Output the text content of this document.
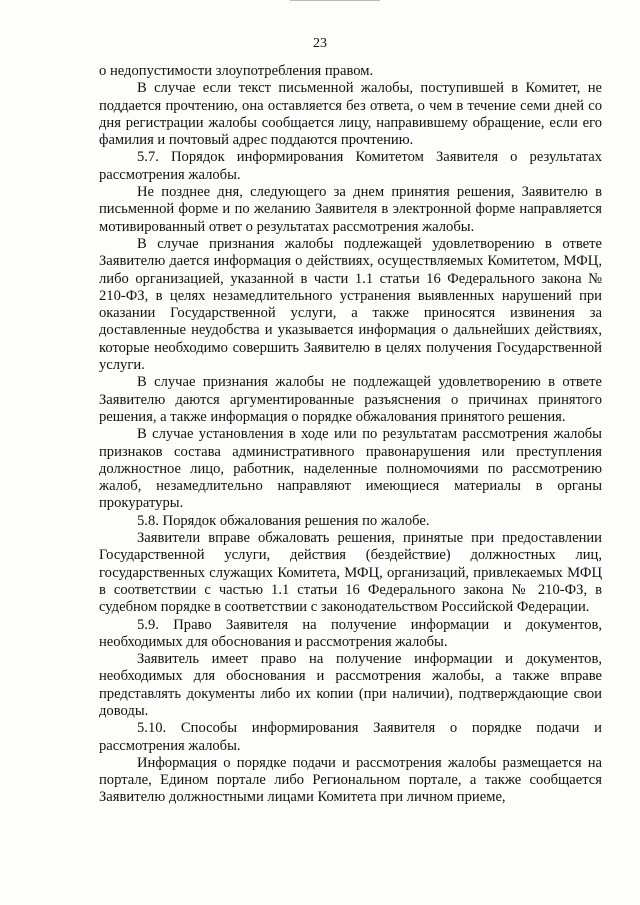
23

о недопустимости злоупотребления правом.

В случае если текст письменной жалобы, поступившей в Комитет, не поддается прочтению, она оставляется без ответа, о чем в течение семи дней со дня регистрации жалобы сообщается лицу, направившему обращение, если его фамилия и почтовый адрес поддаются прочтению.

5.7. Порядок информирования Комитетом Заявителя о результатах рассмотрения жалобы.

Не позднее дня, следующего за днем принятия решения, Заявителю в письменной форме и по желанию Заявителя в электронной форме направляется мотивированный ответ о результатах рассмотрения жалобы.

В случае признания жалобы подлежащей удовлетворению в ответе Заявителю дается информация о действиях, осуществляемых Комитетом, МФЦ, либо организацией, указанной в части 1.1 статьи 16 Федерального закона № 210-ФЗ, в целях незамедлительного устранения выявленных нарушений при оказании Государственной услуги, а также приносятся извинения за доставленные неудобства и указывается информация о дальнейших действиях, которые необходимо совершить Заявителю в целях получения Государственной услуги.

В случае признания жалобы не подлежащей удовлетворению в ответе Заявителю даются аргументированные разъяснения о причинах принятого решения, а также информация о порядке обжалования принятого решения.

В случае установления в ходе или по результатам рассмотрения жалобы признаков состава административного правонарушения или преступления должностное лицо, работник, наделенные полномочиями по рассмотрению жалоб, незамедлительно направляют имеющиеся материалы в органы прокуратуры.

5.8. Порядок обжалования решения по жалобе.

Заявители вправе обжаловать решения, принятые при предоставлении Государственной услуги, действия (бездействие) должностных лиц, государственных служащих Комитета, МФЦ, организаций, привлекаемых МФЦ в соответствии с частью 1.1 статьи 16 Федерального закона № 210-ФЗ, в судебном порядке в соответствии с законодательством Российской Федерации.

5.9. Право Заявителя на получение информации и документов, необходимых для обоснования и рассмотрения жалобы.

Заявитель имеет право на получение информации и документов, необходимых для обоснования и рассмотрения жалобы, а также вправе представлять документы либо их копии (при наличии), подтверждающие свои доводы.

5.10. Способы информирования Заявителя о порядке подачи и рассмотрения жалобы.

Информация о порядке подачи и рассмотрения жалобы размещается на портале, Едином портале либо Региональном портале, а также сообщается Заявителю должностными лицами Комитета при личном приеме,
